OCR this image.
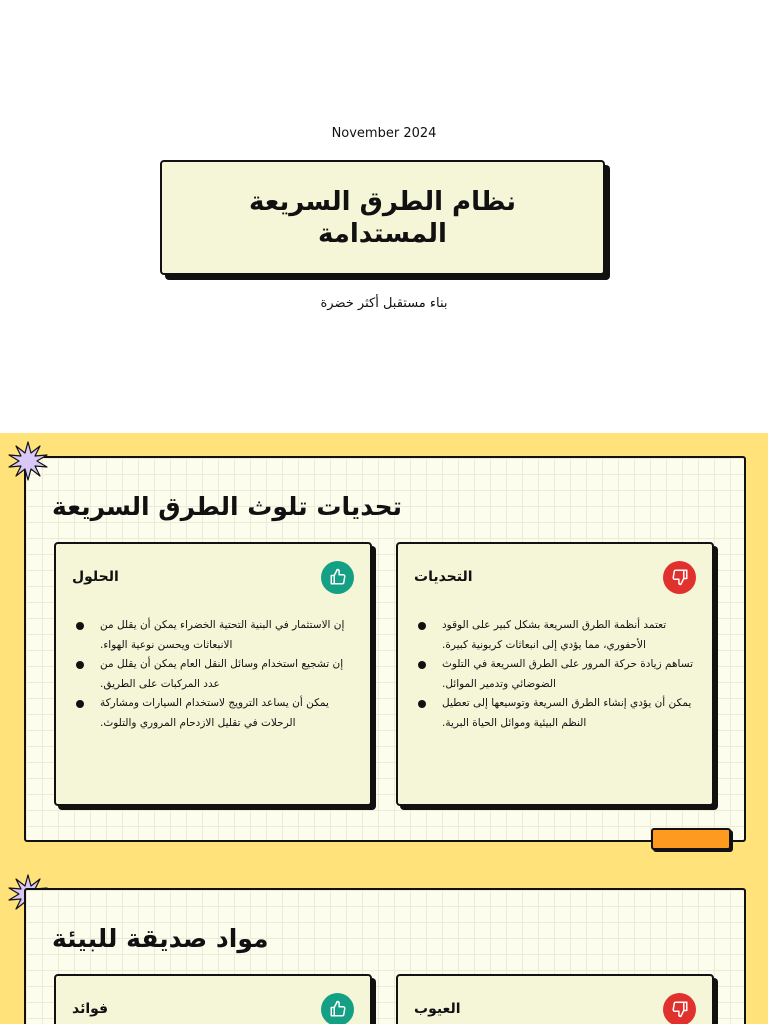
November 2024
نظام الطرق السريعة المستدامة
بناء مستقبل أكثر خضرة
تحديات تلوث الطرق السريعة
الحلول
إن الاستثمار في البنية التحتية الخضراء يمكن أن يقلل من الانبعاثات ويحسن نوعية الهواء.
إن تشجيع استخدام وسائل النقل العام يمكن أن يقلل من عدد المركبات على الطريق.
يمكن أن يساعد الترويج لاستخدام السيارات ومشاركة الرحلات في تقليل الازدحام المروري والتلوث.
التحديات
تعتمد أنظمة الطرق السريعة بشكل كبير على الوقود الأحفوري، مما يؤدي إلى انبعاثات كربونية كبيرة.
تساهم زيادة حركة المرور على الطرق السريعة في التلوث الضوضائي وتدمير الموائل.
يمكن أن يؤدي إنشاء الطرق السريعة وتوسيعها إلى تعطيل النظم البيئية وموائل الحياة البرية.
مواد صديقة للبيئة
فوائد	العيوب
